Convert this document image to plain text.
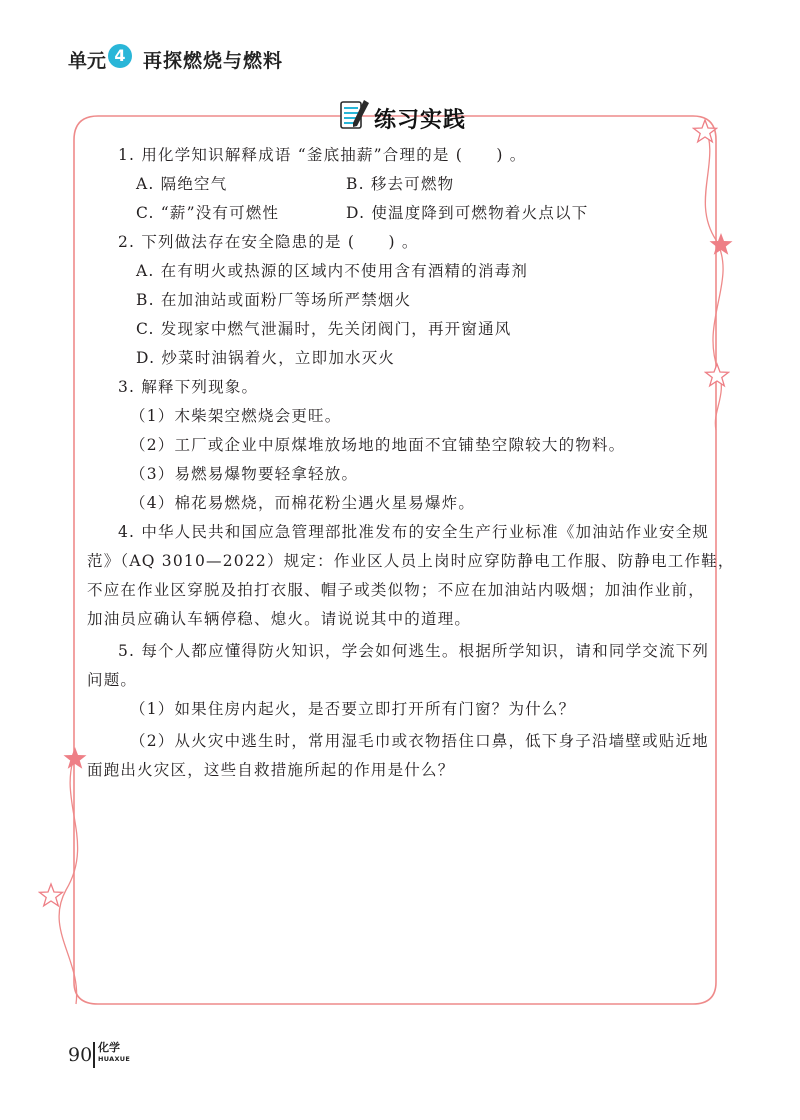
单元 4 再探燃烧与燃料
练习实践
1. 用化学知识解释成语 “釜底抽薪”合理的是 (　　) 。
A. 隔绝空气	B. 移去可燃物
C. “薪”没有可燃性	D. 使温度降到可燃物着火点以下
2. 下列做法存在安全隐患的是 (　　) 。
A. 在有明火或热源的区域内不使用含有酒精的消毒剂
B. 在加油站或面粉厂等场所严禁烟火
C. 发现家中燃气泄漏时，先关闭阀门，再开窗通风
D. 炒菜时油锅着火，立即加水灭火
3. 解释下列现象。
（1）木柴架空燃烧会更旺。
（2）工厂或企业中原煤堆放场地的地面不宜铺垫空隙较大的物料。
（3）易燃易爆物要轻拿轻放。
（4）棉花易燃烧，而棉花粉尘遇火星易爆炸。
4. 中华人民共和国应急管理部批准发布的安全生产行业标准《加油站作业安全规
范》（AQ 3010—2022）规定：作业区人员上岗时应穿防静电工作服、防静电工作鞋，
不应在作业区穿脱及拍打衣服、帽子或类似物；不应在加油站内吸烟；加油作业前，
加油员应确认车辆停稳、熄火。请说说其中的道理。
5. 每个人都应懂得防火知识，学会如何逃生。根据所学知识，请和同学交流下列
问题。
（1）如果住房内起火，是否要立即打开所有门窗？为什么？
（2）从火灾中逃生时，常用湿毛巾或衣物捂住口鼻，低下身子沿墙壁或贴近地
面跑出火灾区，这些自救措施所起的作用是什么？
90 化学
HUAXUE
